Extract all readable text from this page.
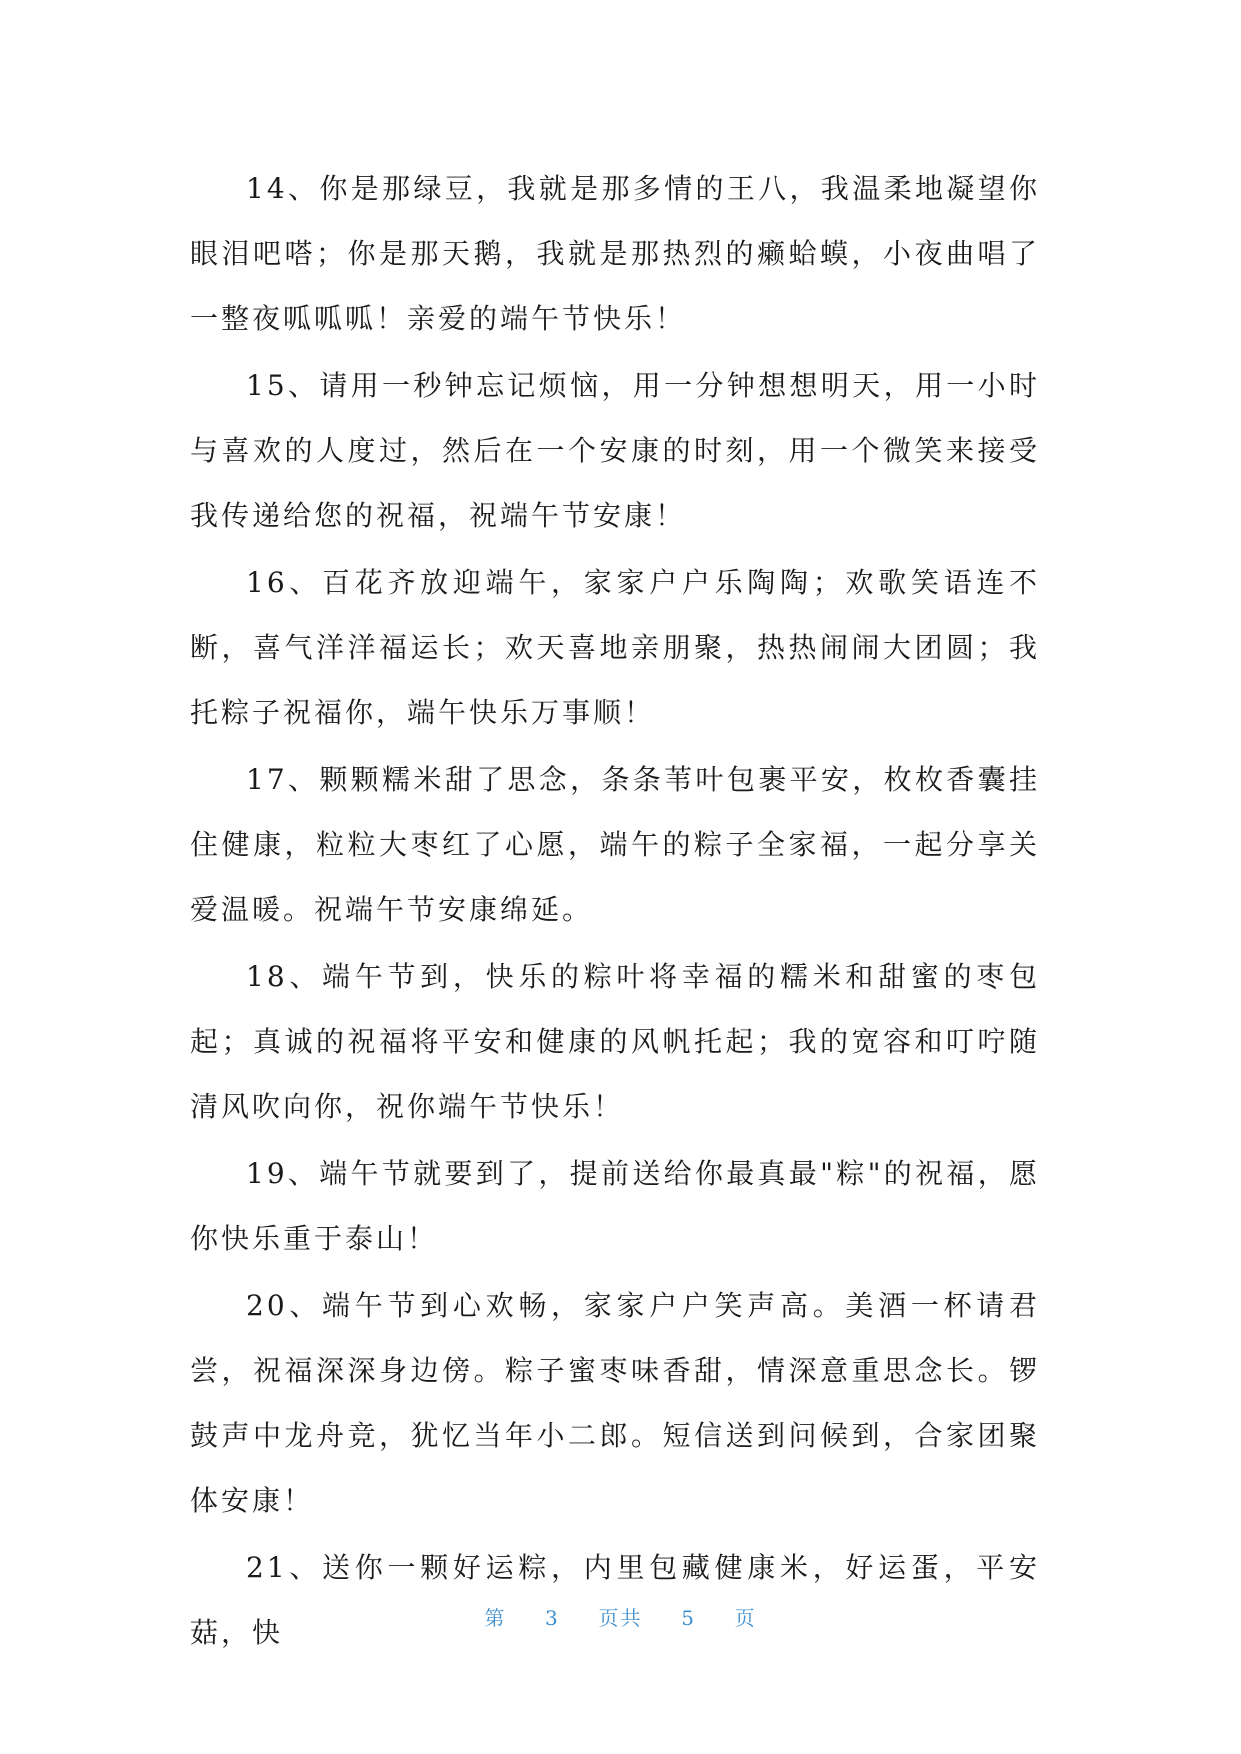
14、你是那绿豆，我就是那多情的王八，我温柔地凝望你眼泪吧嗒；你是那天鹅，我就是那热烈的癞蛤蟆，小夜曲唱了一整夜呱呱呱！亲爱的端午节快乐！

15、请用一秒钟忘记烦恼，用一分钟想想明天，用一小时与喜欢的人度过，然后在一个安康的时刻，用一个微笑来接受我传递给您的祝福，祝端午节安康！

16、百花齐放迎端午，家家户户乐陶陶；欢歌笑语连不断，喜气洋洋福运长；欢天喜地亲朋聚，热热闹闹大团圆；我托粽子祝福你，端午快乐万事顺！

17、颗颗糯米甜了思念，条条苇叶包裹平安，枚枚香囊挂住健康，粒粒大枣红了心愿，端午的粽子全家福，一起分享关爱温暖。祝端午节安康绵延。

18、端午节到，快乐的粽叶将幸福的糯米和甜蜜的枣包起；真诚的祝福将平安和健康的风帆托起；我的宽容和叮咛随清风吹向你，祝你端午节快乐！

19、端午节就要到了，提前送给你最真最"粽"的祝福，愿你快乐重于泰山！

20、端午节到心欢畅，家家户户笑声高。美酒一杯请君尝，祝福深深身边傍。粽子蜜枣味香甜，情深意重思念长。锣鼓声中龙舟竞，犹忆当年小二郎。短信送到问候到，合家团聚体安康！

21、送你一颗好运粽，内里包藏健康米，好运蛋，平安菇，快	第 3 页共 5 页
